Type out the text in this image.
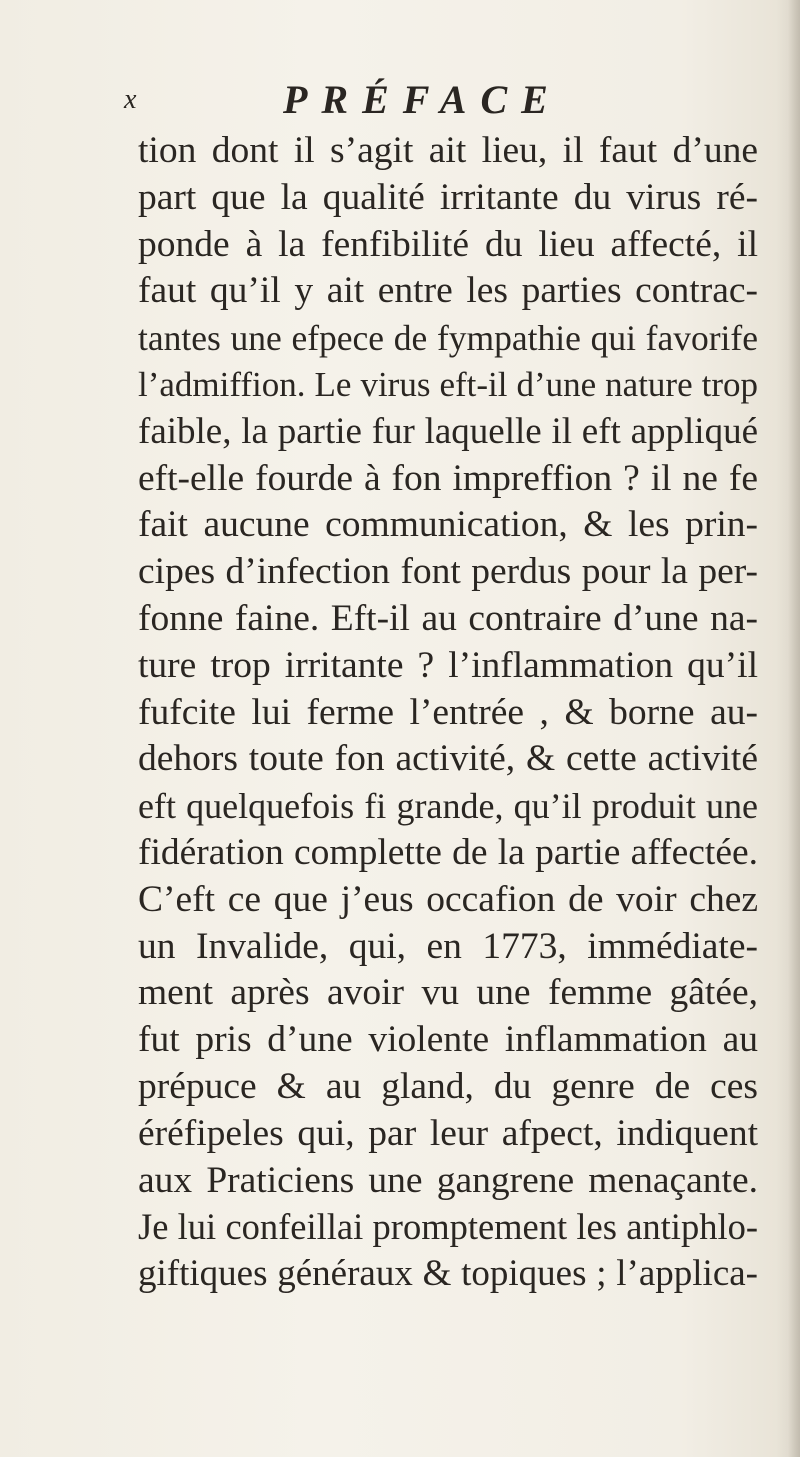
x	PRÉFACE
tion dont il s’agit ait lieu, il faut d’une
part que la qualité irritante du virus ré-
ponde à la fenfibilité du lieu affecté, il
faut qu’il y ait entre les parties contrac-
tantes une efpece de fympathie qui favorife
l’admiffion. Le virus eft-il d’une nature trop
faible, la partie fur laquelle il eft appliqué
eft-elle fourde à fon impreffion ? il ne fe
fait aucune communication, & les prin-
cipes d’infection font perdus pour la per-
fonne faine. Eft-il au contraire d’une na-
ture trop irritante ? l’inflammation qu’il
fufcite lui ferme l’entrée , & borne au-
dehors toute fon activité, & cette activité
eft quelquefois fi grande, qu’il produit une
fidération complette de la partie affectée.
C’eft ce que j’eus occafion de voir chez
un Invalide, qui, en 1773, immédiate-
ment après avoir vu une femme gâtée,
fut pris d’une violente inflammation au
prépuce & au gland, du genre de ces
éréfipeles qui, par leur afpect, indiquent
aux Praticiens une gangrene menaçante.
Je lui confeillai promptement les antiphlo-
giftiques généraux & topiques ; l’applica-
